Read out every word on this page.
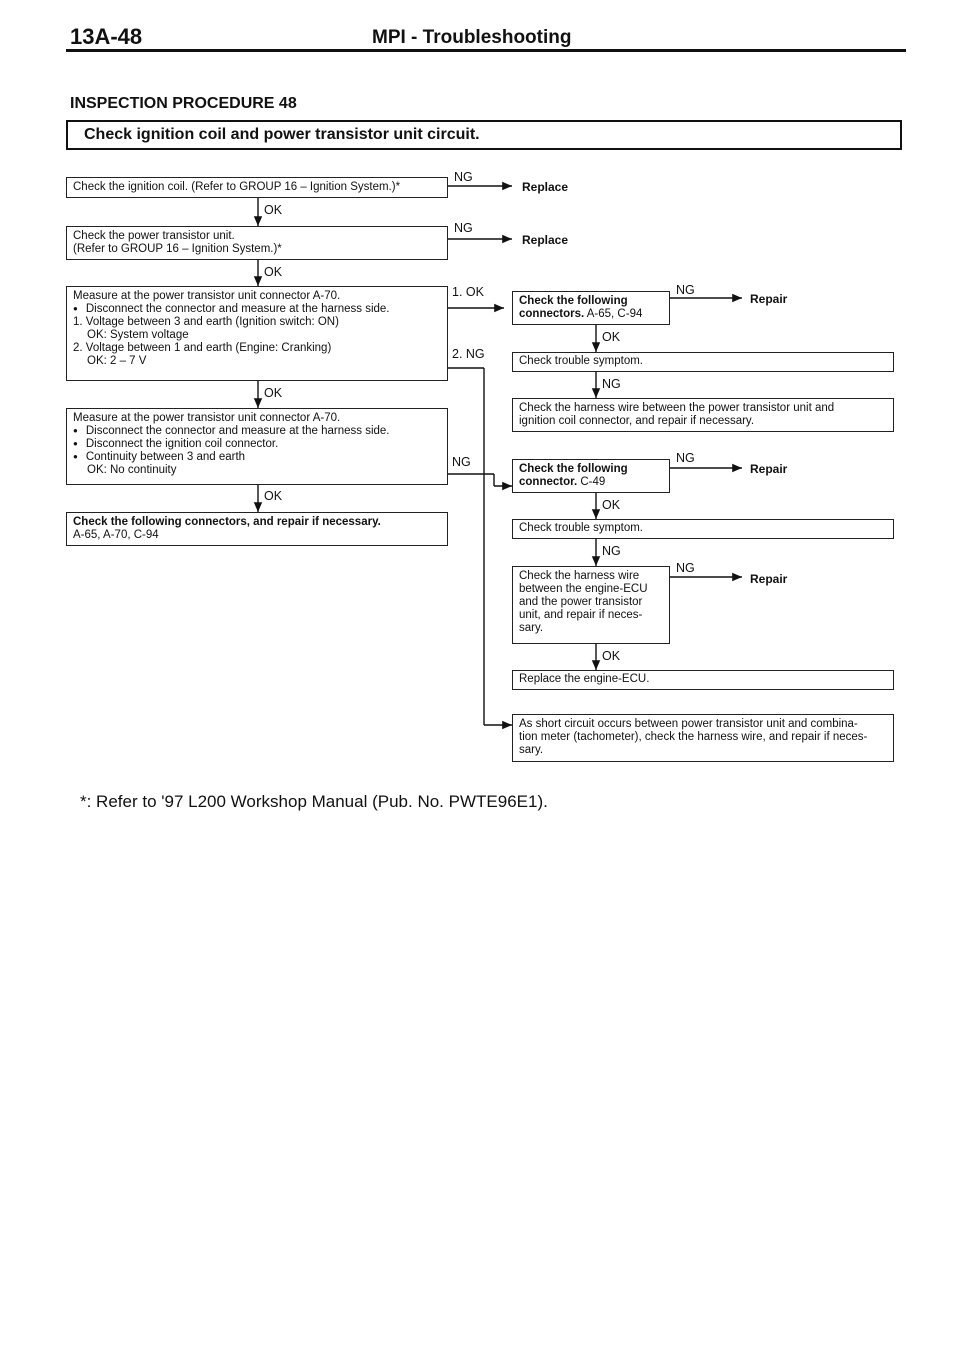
13A-48	MPI - Troubleshooting
INSPECTION PROCEDURE 48
Check ignition coil and power transistor unit circuit.
Check the ignition coil. (Refer to GROUP 16 – Ignition System.)*
NG
Replace
OK
Check the power transistor unit.
(Refer to GROUP 16 – Ignition System.)*
NG
Replace
OK
Measure at the power transistor unit connector A-70.
● Disconnect the connector and measure at the harness side.
1. Voltage between 3 and earth (Ignition switch: ON)
OK: System voltage
2. Voltage between 1 and earth (Engine: Cranking)
OK: 2 – 7 V
1. OK
2. NG
OK
Measure at the power transistor unit connector A-70.
● Disconnect the connector and measure at the harness side.
● Disconnect the ignition coil connector.
● Continuity between 3 and earth
OK: No continuity
NG
OK
Check the following connectors, and repair if necessary.
A-65, A-70, C-94
Check the following
connectors. A-65, C-94
NG
Repair
OK
Check trouble symptom.
NG
Check the harness wire between the power transistor unit and
ignition coil connector, and repair if necessary.
Check the following
connector. C-49
NG
Repair
OK
Check trouble symptom.
NG
Check the harness wire
between the engine-ECU
and the power transistor
unit, and repair if neces-
sary.
NG
Repair
OK
Replace the engine-ECU.
As short circuit occurs between power transistor unit and combina-
tion meter (tachometer), check the harness wire, and repair if neces-
sary.
*: Refer to '97 L200 Workshop Manual (Pub. No. PWTE96E1).
